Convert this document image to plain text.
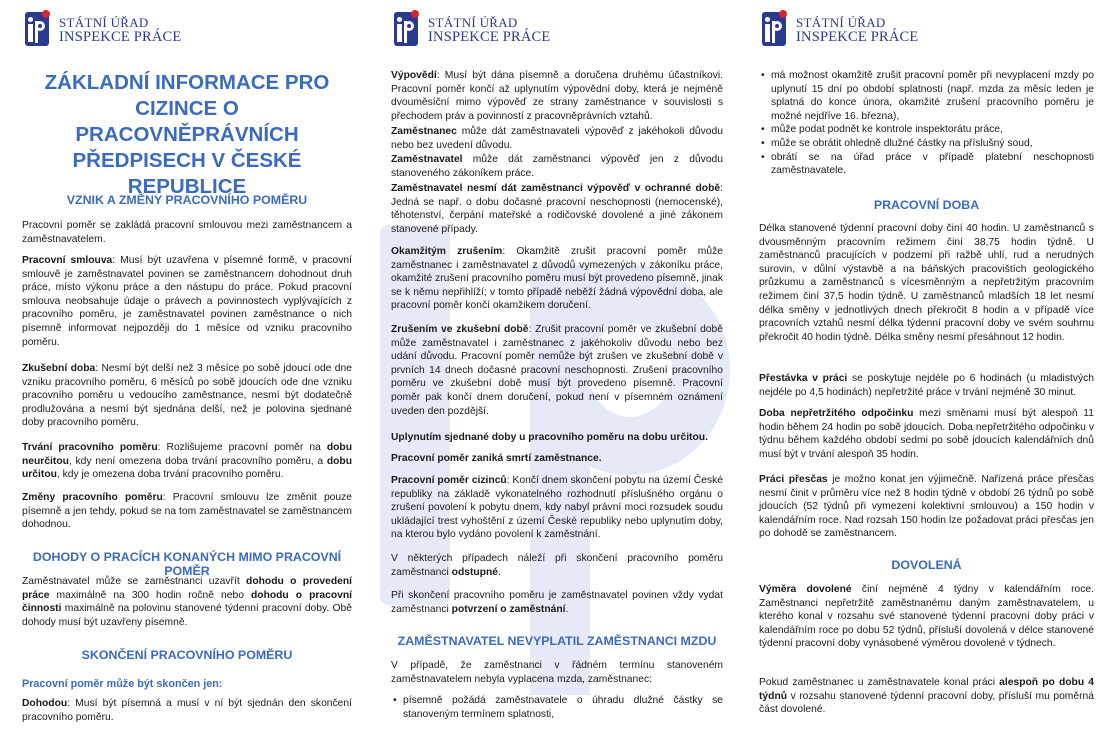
STÁTNÍ ÚŘAD
INSPEKCE PRÁCE
ZÁKLADNÍ INFORMACE PRO CIZINCE O PRACOVNĚPRÁVNÍCH PŘEDPISECH V ČESKÉ REPUBLICE
VZNIK A ZMĚNY PRACOVNÍHO POMĚRU

Pracovní poměr se zakládá pracovní smlouvou mezi zaměstnancem a zaměstnavatelem.

Pracovní smlouva: Musí být uzavřena v písemné formě, v pracovní smlouvě je zaměstnavatel povinen se zaměstnancem dohodnout druh práce, místo výkonu práce a den nástupu do práce. Pokud pracovní smlouva neobsahuje údaje o právech a povinnostech vyplývajících z pracovního poměru, je zaměstnavatel povinen zaměstnance o nich písemně informovat nejpozději do 1 měsíce od vzniku pracovního poměru.

Zkušební doba: Nesmí být delší než 3 měsíce po sobě jdoucí ode dne vzniku pracovního poměru, 6 měsíců po sobě jdoucích ode dne vzniku pracovního poměru u vedoucího zaměstnance, nesmí být dodatečně prodlužována a nesmí být sjednána delší, než je polovina sjednané doby pracovního poměru.

Trvání pracovního poměru: Rozlišujeme pracovní poměr na dobu neurčitou, kdy není omezena doba trvání pracovního poměru, a dobu určitou, kdy je omezena doba trvání pracovního poměru.

Změny pracovního poměru: Pracovní smlouvu lze změnit pouze písemně a jen tehdy, pokud se na tom zaměstnavatel se zaměstnancem dohodnou.

DOHODY O PRACÍCH KONANÝCH MIMO PRACOVNÍ POMĚR

Zaměstnavatel může se zaměstnanci uzavřít dohodu o provedení práce maximálně na 300 hodin ročně nebo dohodu o pracovní činnosti maximálně na polovinu stanovené týdenní pracovní doby. Obě dohody musí být uzavřeny písemně.

SKONČENÍ PRACOVNÍHO POMĚRU
Pracovní poměr může být skončen jen:

Dohodou: Musí být písemná a musí v ní být sjednán den skončení pracovního poměru.

STÁTNÍ ÚŘAD
INSPEKCE PRÁCE

Výpovědí: Musí být dána písemně a doručena druhému účastníkovi. Pracovní poměr končí až uplynutím výpovědní doby, která je nejméně dvouměsíční mimo výpověď ze strany zaměstnance v souvislosti s přechodem práv a povinností z pracovněprávních vztahů.

Zaměstnanec může dát zaměstnavateli výpověď z jakéhokoli důvodu nebo bez uvedení důvodu.

Zaměstnavatel může dát zaměstnanci výpověď jen z důvodu stanoveného zákoníkem práce.

Zaměstnavatel nesmí dát zaměstnanci výpověď v ochranné době: Jedná se např. o dobu dočasné pracovní neschopnosti (nemocenské), těhotenství, čerpání mateřské a rodičovské dovolené a jiné zákonem stanovené případy.

Okamžitým zrušením: Okamžitě zrušit pracovní poměr může zaměstnanec i zaměstnavatel z důvodů vymezených v zákoníku práce, okamžité zrušení pracovního poměru musí být provedeno písemně, jinak se k němu nepřihlíží; v tomto případě neběží žádná výpovědní doba, ale pracovní poměr končí okamžikem doručení.

Zrušením ve zkušební době: Zrušit pracovní poměr ve zkušební době může zaměstnavatel i zaměstnanec z jakéhokoliv důvodu nebo bez udání důvodu. Pracovní poměr nemůže být zrušen ve zkušební době v prvních 14 dnech dočasné pracovní neschopnosti. Zrušení pracovního poměru ve zkušební době musí být provedeno písemně. Pracovní poměr pak končí dnem doručení, pokud není v písemném oznámení uveden den pozdější.

Uplynutím sjednané doby u pracovního poměru na dobu určitou.

Pracovní poměr zaniká smrtí zaměstnance.

Pracovní poměr cizinců: Končí dnem skončení pobytu na území České republiky na základě vykonatelného rozhodnutí příslušného orgánu o zrušení povolení k pobytu dnem, kdy nabyl právní moci rozsudek soudu ukládající trest vyhoštění z území České republiky nebo uplynutím doby, na kterou bylo vydáno povolení k zaměstnání.

V některých případech náleží při skončení pracovního poměru zaměstnanci odstupné.

Při skončení pracovního poměru je zaměstnavatel povinen vždy vydat zaměstnanci potvrzení o zaměstnání.

ZAMĚSTNAVATEL NEVYPLATIL ZAMĚSTNANCI MZDU

V případě, že zaměstnanci v řádném termínu stanoveném zaměstnavatelem nebyla vyplacena mzda, zaměstnanec:

• písemně požádá zaměstnavatele o úhradu dlužné částky se stanoveným termínem splatnosti,
STÁTNÍ ÚŘAD
INSPEKCE PRÁCE
• má možnost okamžitě zrušit pracovní poměr při nevyplacení mzdy po uplynutí 15 dní po období splatnosti (např. mzda za měsíc leden je splatná do konce února, okamžité zrušení pracovního poměru je možné nejdříve 16. března),
• může podat podnět ke kontrole inspektorátu práce,
• může se obrátit ohledně dlužné částky na příslušný soud,
• obrátí se na úřad práce v případě platební neschopnosti zaměstnavatele.
PRACOVNÍ DOBA

Délka stanovené týdenní pracovní doby činí 40 hodin. U zaměstnanců s dvousměnným pracovním režimem činí 38,75 hodin týdně. U zaměstnanců pracujících v podzemí při ražbě uhlí, rud a nerudných surovin, v důlní výstavbě a na báňských pracovištích geologického průzkumu a zaměstnanců s vícesměnným a nepřetržitým pracovním režimem činí 37,5 hodin týdně. U zaměstnanců mladších 18 let nesmí délka směny v jednotlivých dnech překročit 8 hodin a v případě více pracovních vztahů nesmí délka týdenní pracovní doby ve svém souhrnu překročit 40 hodin týdně. Délka směny nesmí přesáhnout 12 hodin.

Přestávka v práci se poskytuje nejdéle po 6 hodinách (u mladistvých nejdéle po 4,5 hodinách) nepřetržité práce v trvání nejméně 30 minut.

Doba nepřetržitého odpočinku mezi směnami musí být alespoň 11 hodin během 24 hodin po sobě jdoucích. Doba nepřetržitého odpočinku v týdnu během každého období sedmi po sobě jdoucích kalendářních dnů musí být v trvání alespoň 35 hodin.

Práci přesčas je možno konat jen výjimečně. Nařízená práce přesčas nesmí činit v průměru více než 8 hodin týdně v období 26 týdnů po sobě jdoucích (52 týdnů při vymezení kolektivní smlouvou) a 150 hodin v kalendářním roce. Nad rozsah 150 hodin lze požadovat práci přesčas jen po dohodě se zaměstnancem.

DOVOLENÁ

Výměra dovolené činí nejméně 4 týdny v kalendářním roce. Zaměstnanci nepřetržitě zaměstnanému daným zaměstnavatelem, u kterého konal v rozsahu své stanovené týdenní pracovní doby práci v kalendářním roce po dobu 52 týdnů, přísluší dovolená v délce stanovené týdenní pracovní doby vynásobené výměrou dovolené v týdnech.

Pokud zaměstnanec u zaměstnavatele konal práci alespoň po dobu 4 týdnů v rozsahu stanovené týdenní pracovní doby, přísluší mu poměrná část dovolené.
